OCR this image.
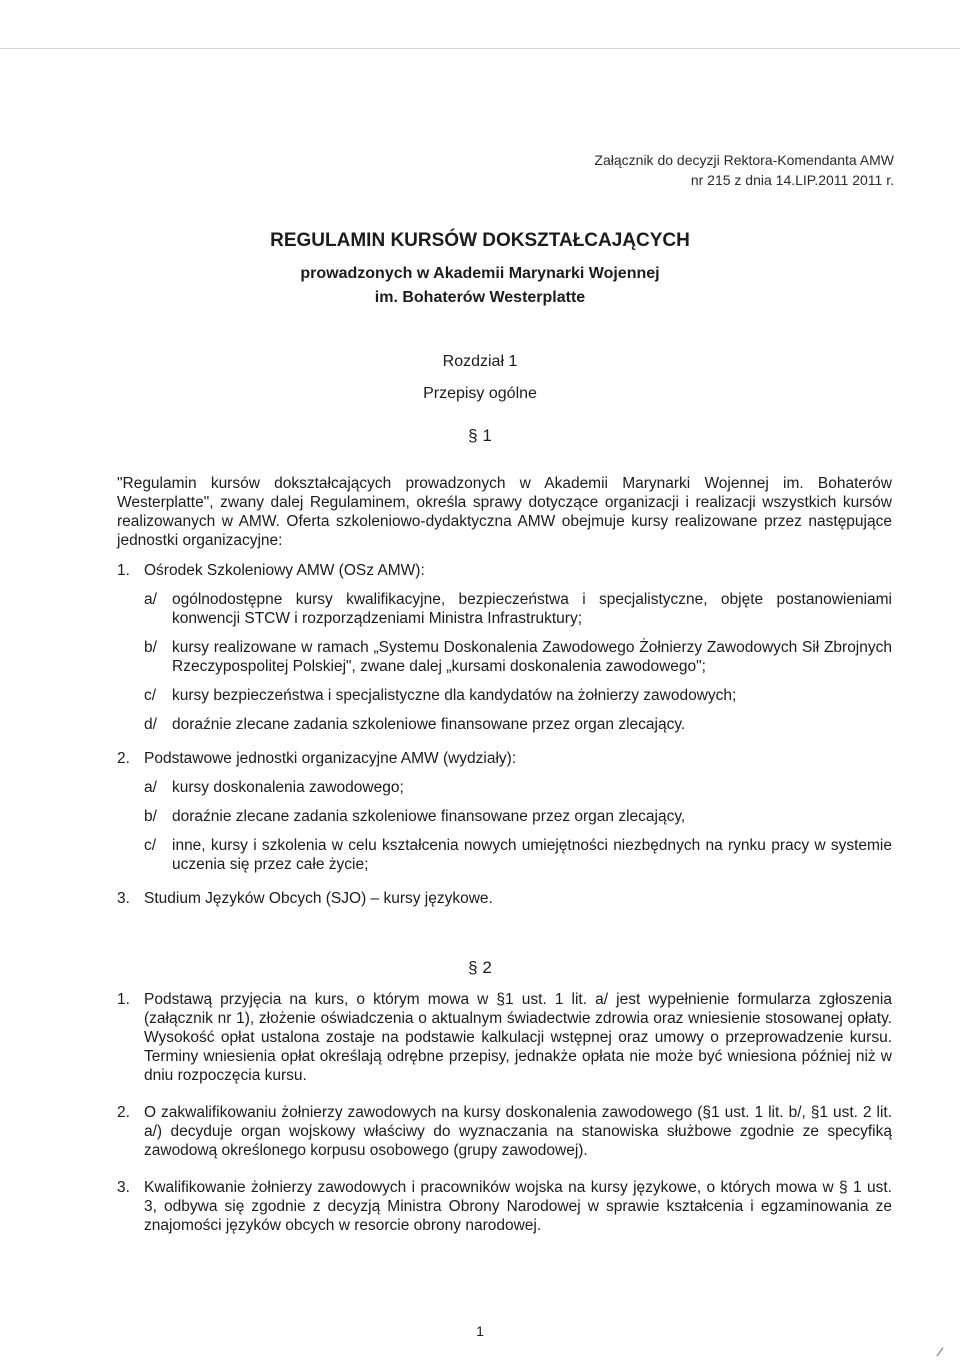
Załącznik do decyzji Rektora-Komendanta AMW
nr 215 z dnia 14.LIP.2011 2011 r.
REGULAMIN KURSÓW DOKSZTAŁCAJĄCYCH
prowadzonych w Akademii Marynarki Wojennej
im. Bohaterów Westerplatte
Rozdział 1
Przepisy ogólne
§ 1

"Regulamin kursów dokształcających prowadzonych w Akademii Marynarki Wojennej im. Bohaterów Westerplatte", zwany dalej Regulaminem, określa sprawy dotyczące organizacji i realizacji wszystkich kursów realizowanych w AMW. Oferta szkoleniowo-dydaktyczna AMW obejmuje kursy realizowane przez następujące jednostki organizacyjne:

1. Ośrodek Szkoleniowy AMW (OSz AMW):
a/ ogólnodostępne kursy kwalifikacyjne, bezpieczeństwa i specjalistyczne, objęte postanowieniami konwencji STCW i rozporządzeniami Ministra Infrastruktury;
b/ kursy realizowane w ramach „Systemu Doskonalenia Zawodowego Żołnierzy Zawodowych Sił Zbrojnych Rzeczypospolitej Polskiej", zwane dalej „kursami doskonalenia zawodowego";
c/ kursy bezpieczeństwa i specjalistyczne dla kandydatów na żołnierzy zawodowych;
d/ doraźnie zlecane zadania szkoleniowe finansowane przez organ zlecający.
2. Podstawowe jednostki organizacyjne AMW (wydziały):
a/ kursy doskonalenia zawodowego;
b/ doraźnie zlecane zadania szkoleniowe finansowane przez organ zlecający,
c/ inne, kursy i szkolenia w celu kształcenia nowych umiejętności niezbędnych na rynku pracy w systemie uczenia się przez całe życie;
3. Studium Języków Obcych (SJO) – kursy językowe.
§ 2
1. Podstawą przyjęcia na kurs, o którym mowa w §1 ust. 1 lit. a/ jest wypełnienie formularza zgłoszenia (załącznik nr 1), złożenie oświadczenia o aktualnym świadectwie zdrowia oraz wniesienie stosowanej opłaty. Wysokość opłat ustalona zostaje na podstawie kalkulacji wstępnej oraz umowy o przeprowadzenie kursu. Terminy wniesienia opłat określają odrębne przepisy, jednakże opłata nie może być wniesiona później niż w dniu rozpoczęcia kursu.
2. O zakwalifikowaniu żołnierzy zawodowych na kursy doskonalenia zawodowego (§1 ust. 1 lit. b/, §1 ust. 2 lit. a/) decyduje organ wojskowy właściwy do wyznaczania na stanowiska służbowe zgodnie ze specyfiką zawodową określonego korpusu osobowego (grupy zawodowej).
3. Kwalifikowanie żołnierzy zawodowych i pracowników wojska na kursy językowe, o których mowa w § 1 ust. 3, odbywa się zgodnie z decyzją Ministra Obrony Narodowej w sprawie kształcenia i egzaminowania ze znajomości języków obcych w resorcie obrony narodowej.
1
/
